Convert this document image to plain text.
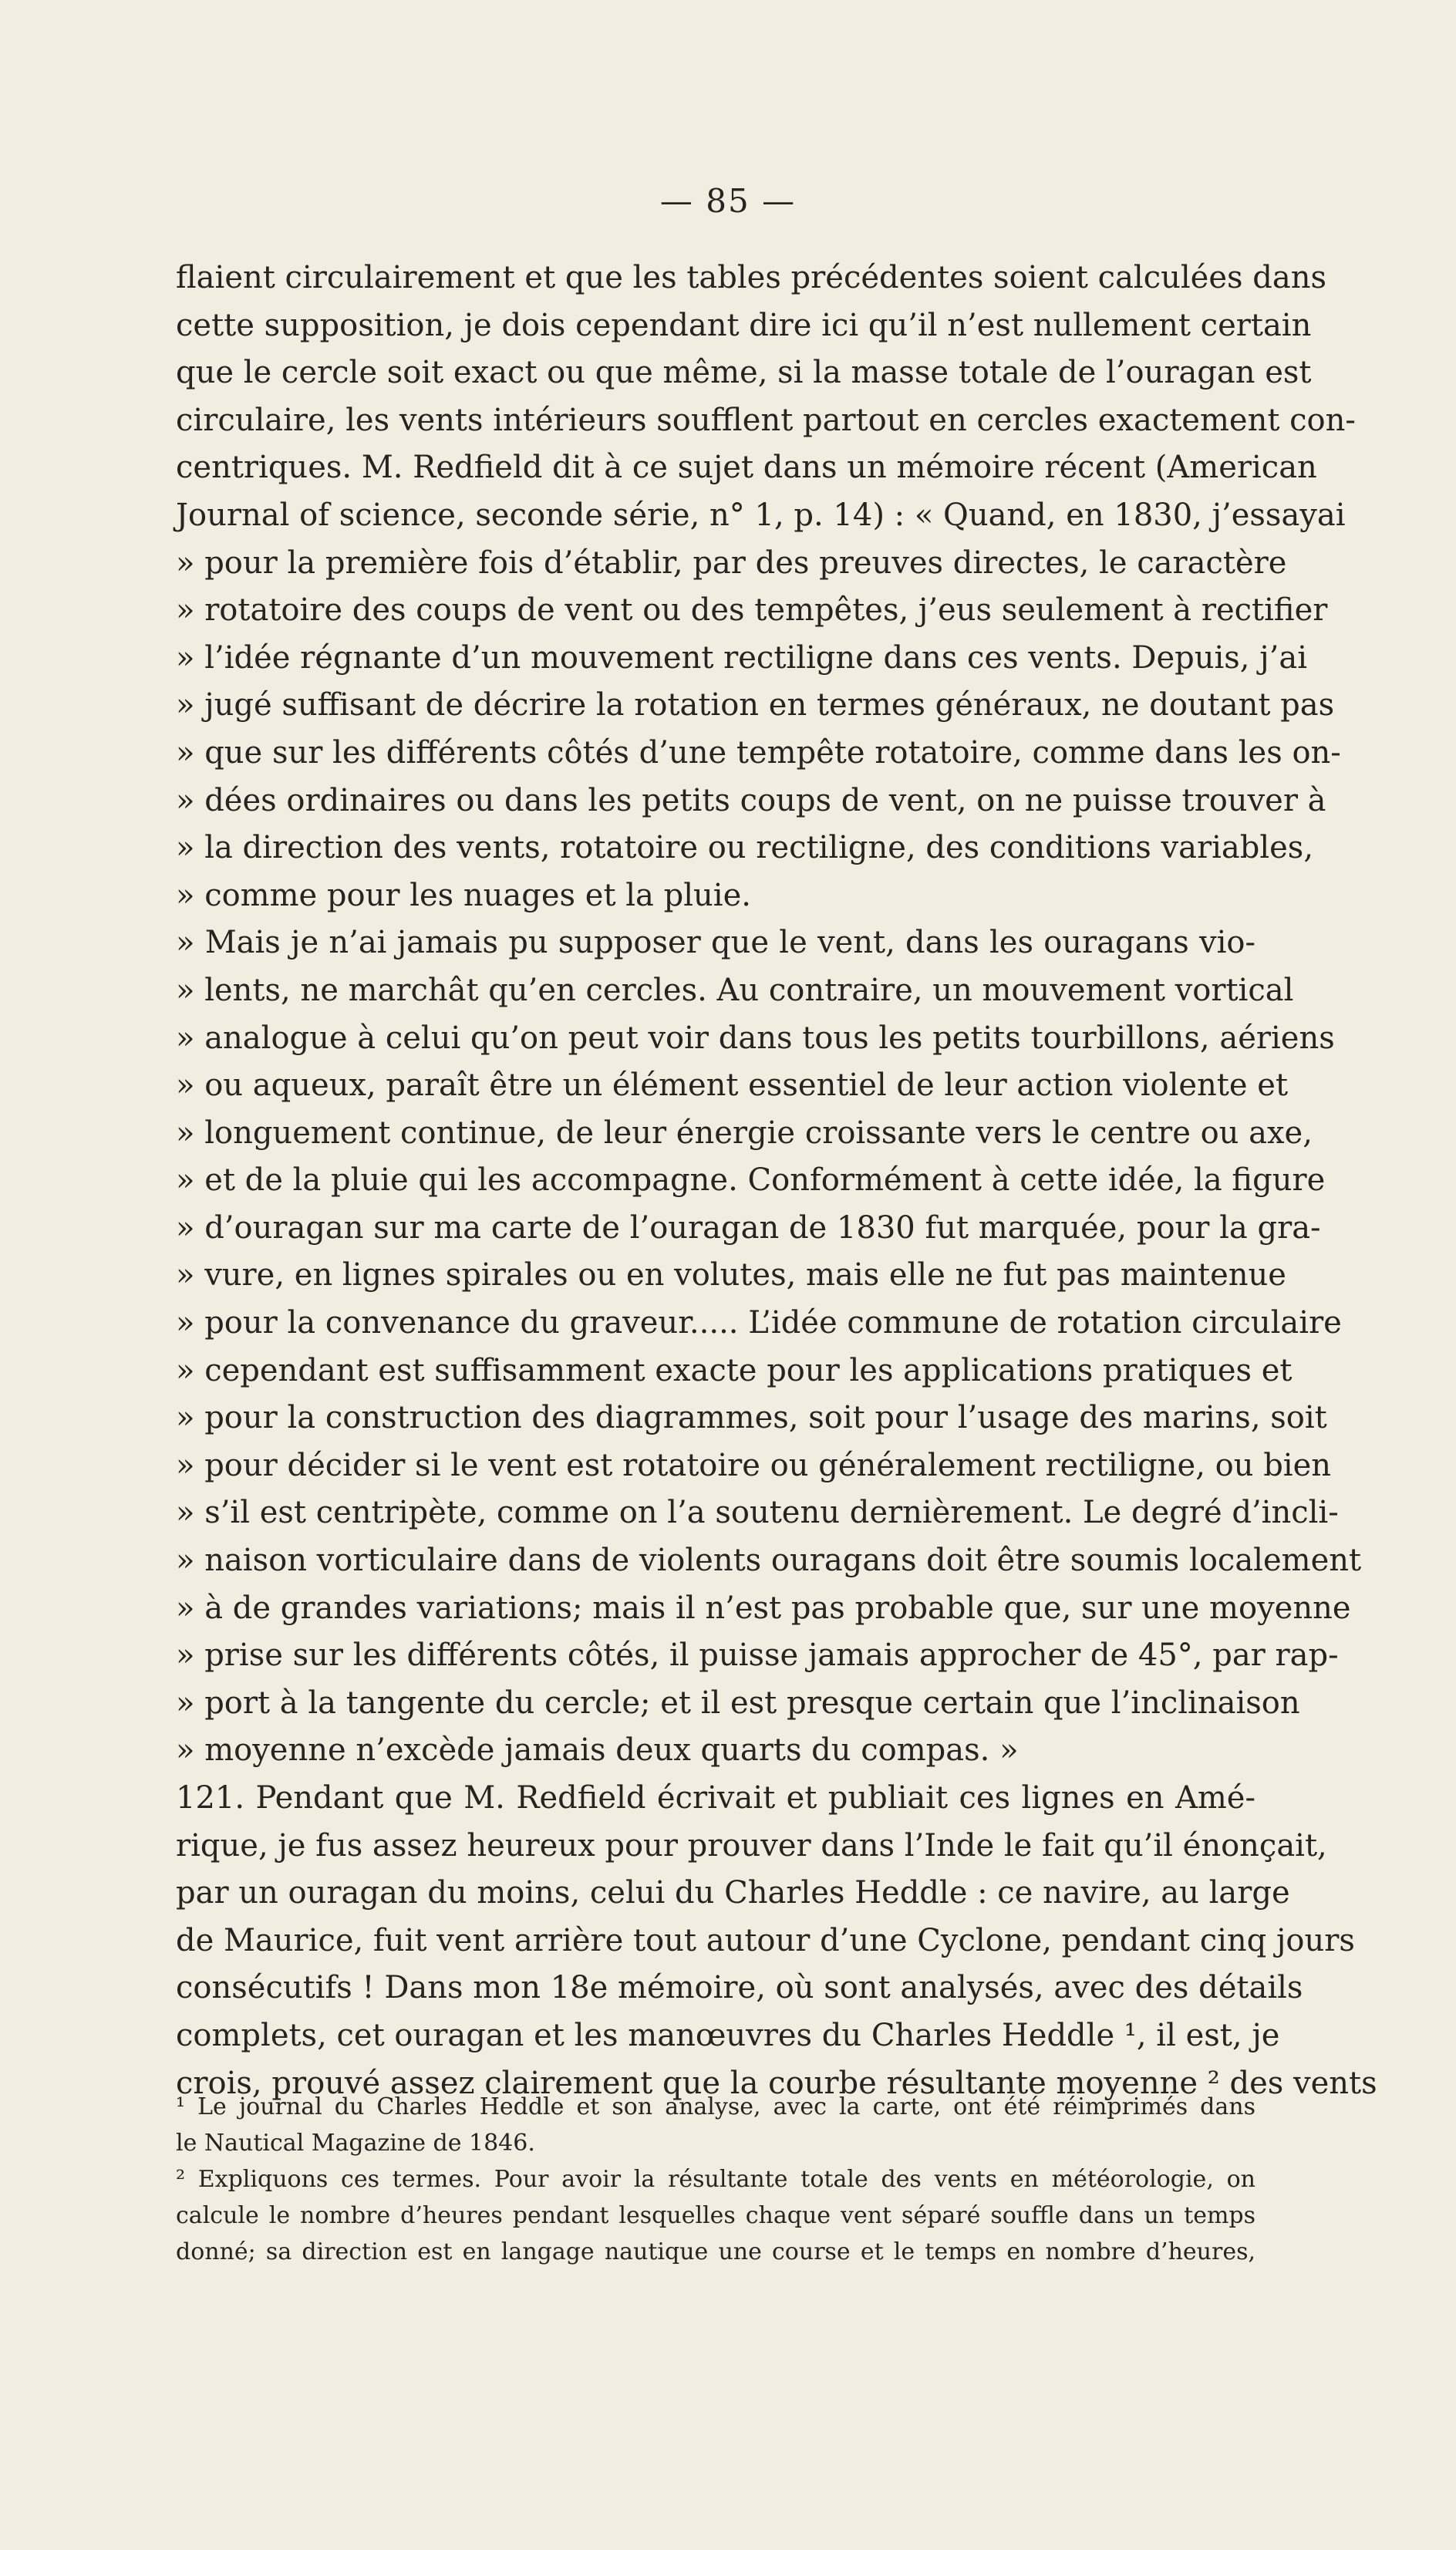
— 85 —
flaient circulairement et que les tables précédentes soient calculées dans
cette supposition, je dois cependant dire ici qu’il n’est nullement certain
que le cercle soit exact ou que même, si la masse totale de l’ouragan est
circulaire, les vents intérieurs soufflent partout en cercles exactement con-
centriques. M. Redfield dit à ce sujet dans un mémoire récent (American
Journal of science, seconde série, n° 1, p. 14) : « Quand, en 1830, j’essayai
» pour la première fois d’établir, par des preuves directes, le caractère
» rotatoire des coups de vent ou des tempêtes, j’eus seulement à rectifier
» l’idée régnante d’un mouvement rectiligne dans ces vents. Depuis, j’ai
» jugé suffisant de décrire la rotation en termes généraux, ne doutant pas
» que sur les différents côtés d’une tempête rotatoire, comme dans les on-
» dées ordinaires ou dans les petits coups de vent, on ne puisse trouver à
» la direction des vents, rotatoire ou rectiligne, des conditions variables,
» comme pour les nuages et la pluie.
» Mais je n’ai jamais pu supposer que le vent, dans les ouragans vio-
» lents, ne marchât qu’en cercles. Au contraire, un mouvement vortical
» analogue à celui qu’on peut voir dans tous les petits tourbillons, aériens
» ou aqueux, paraît être un élément essentiel de leur action violente et
» longuement continue, de leur énergie croissante vers le centre ou axe,
» et de la pluie qui les accompagne. Conformément à cette idée, la figure
» d’ouragan sur ma carte de l’ouragan de 1830 fut marquée, pour la gra-
» vure, en lignes spirales ou en volutes, mais elle ne fut pas maintenue
» pour la convenance du graveur..... L’idée commune de rotation circulaire
» cependant est suffisamment exacte pour les applications pratiques et
» pour la construction des diagrammes, soit pour l’usage des marins, soit
» pour décider si le vent est rotatoire ou généralement rectiligne, ou bien
» s’il est centripète, comme on l’a soutenu dernièrement. Le degré d’incli-
» naison vorticulaire dans de violents ouragans doit être soumis localement
» à de grandes variations; mais il n’est pas probable que, sur une moyenne
» prise sur les différents côtés, il puisse jamais approcher de 45°, par rap-
» port à la tangente du cercle; et il est presque certain que l’inclinaison
» moyenne n’excède jamais deux quarts du compas. »
121. Pendant que M. Redfield écrivait et publiait ces lignes en Amé-
rique, je fus assez heureux pour prouver dans l’Inde le fait qu’il énonçait,
par un ouragan du moins, celui du Charles Heddle : ce navire, au large
de Maurice, fuit vent arrière tout autour d’une Cyclone, pendant cinq jours
consécutifs ! Dans mon 18e mémoire, où sont analysés, avec des détails
complets, cet ouragan et les manœuvres du Charles Heddle ¹, il est, je
crois, prouvé assez clairement que la courbe résultante moyenne ² des vents
¹ Le journal du Charles Heddle et son analyse, avec la carte, ont été réimprimés dans
le Nautical Magazine de 1846.
² Expliquons ces termes. Pour avoir la résultante totale des vents en météorologie, on
calcule le nombre d’heures pendant lesquelles chaque vent séparé souffle dans un temps
donné; sa direction est en langage nautique une course et le temps en nombre d’heures,
